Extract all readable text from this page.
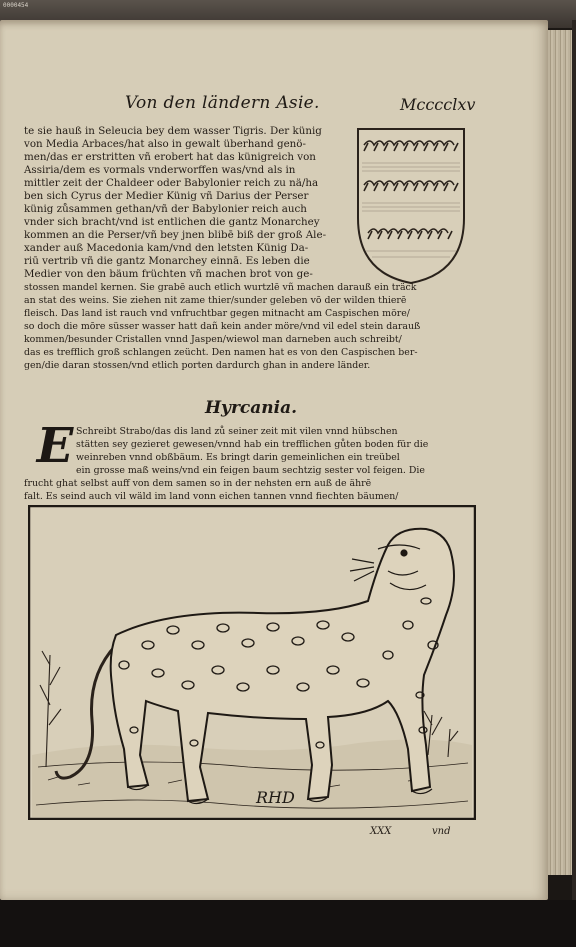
0000454
Von den ländern Asie.	Mcccclxv
te sie hauß in Seleucia bey dem wasser Tigris. Der künig
von Media Arbaces/hat also in gewalt überhand genö-
men/das er erstritten vñ erobert hat das künigreich von
Assiria/dem es vormals vnderworffen was/vnd als in
mittler zeit der Chaldeer oder Babylonier reich zu nä/ha
ben sich Cyrus der Medier Künig vñ Darius der Perser
künig zůsammen gethan/vñ der Babylonier reich auch
vnder sich bracht/vnd ist entlichen die gantz Monarchey
kommen an die Perser/vñ bey jnen blibē biß der groß Ale-
xander auß Macedonia kam/vnd den letsten Künig Da-
riū vertrib vñ die gantz Monarchey einnā. Es leben die
Medier von den bäum früchten vñ machen brot von ge-
stossen mandel kernen. Sie grabē auch etlich wurtzlē vñ machen darauß ein träck
an stat des weins. Sie ziehen nit zame thier/sunder geleben vō der wilden thierē
fleisch. Das land ist rauch vnd vnfruchtbar gegen mitnacht am Caspischen möre/
so doch die mōre süsser wasser hatt dañ kein ander möre/vnd vil edel stein darauß
kommen/besunder Cristallen vnnd Jaspen/wiewol man darneben auch schreibt/
das es trefflich groß schlangen zeücht. Den namen hat es von den Caspischen ber-
gen/die daran stossen/vnd etlich porten dardurch ghan in andere länder.
Hyrcania.
E Schreibt Strabo/das dis land zů seiner zeit mit vilen vnnd hübschen
stätten sey gezieret gewesen/vnnd hab ein trefflichen gůten boden für die
weinreben vnnd obßbäum. Es bringt darin gemeinlichen ein treübel
ein grosse maß weins/vnd ein feigen baum sechtzig sester vol feigen. Die
frucht ghat selbst auff von dem samen so in der nehsten ern auß de ährē
falt. Es seind auch vil wäld im land vonn eichen tannen vnnd fiechten bäumen/
RHD
XXX	vnd
